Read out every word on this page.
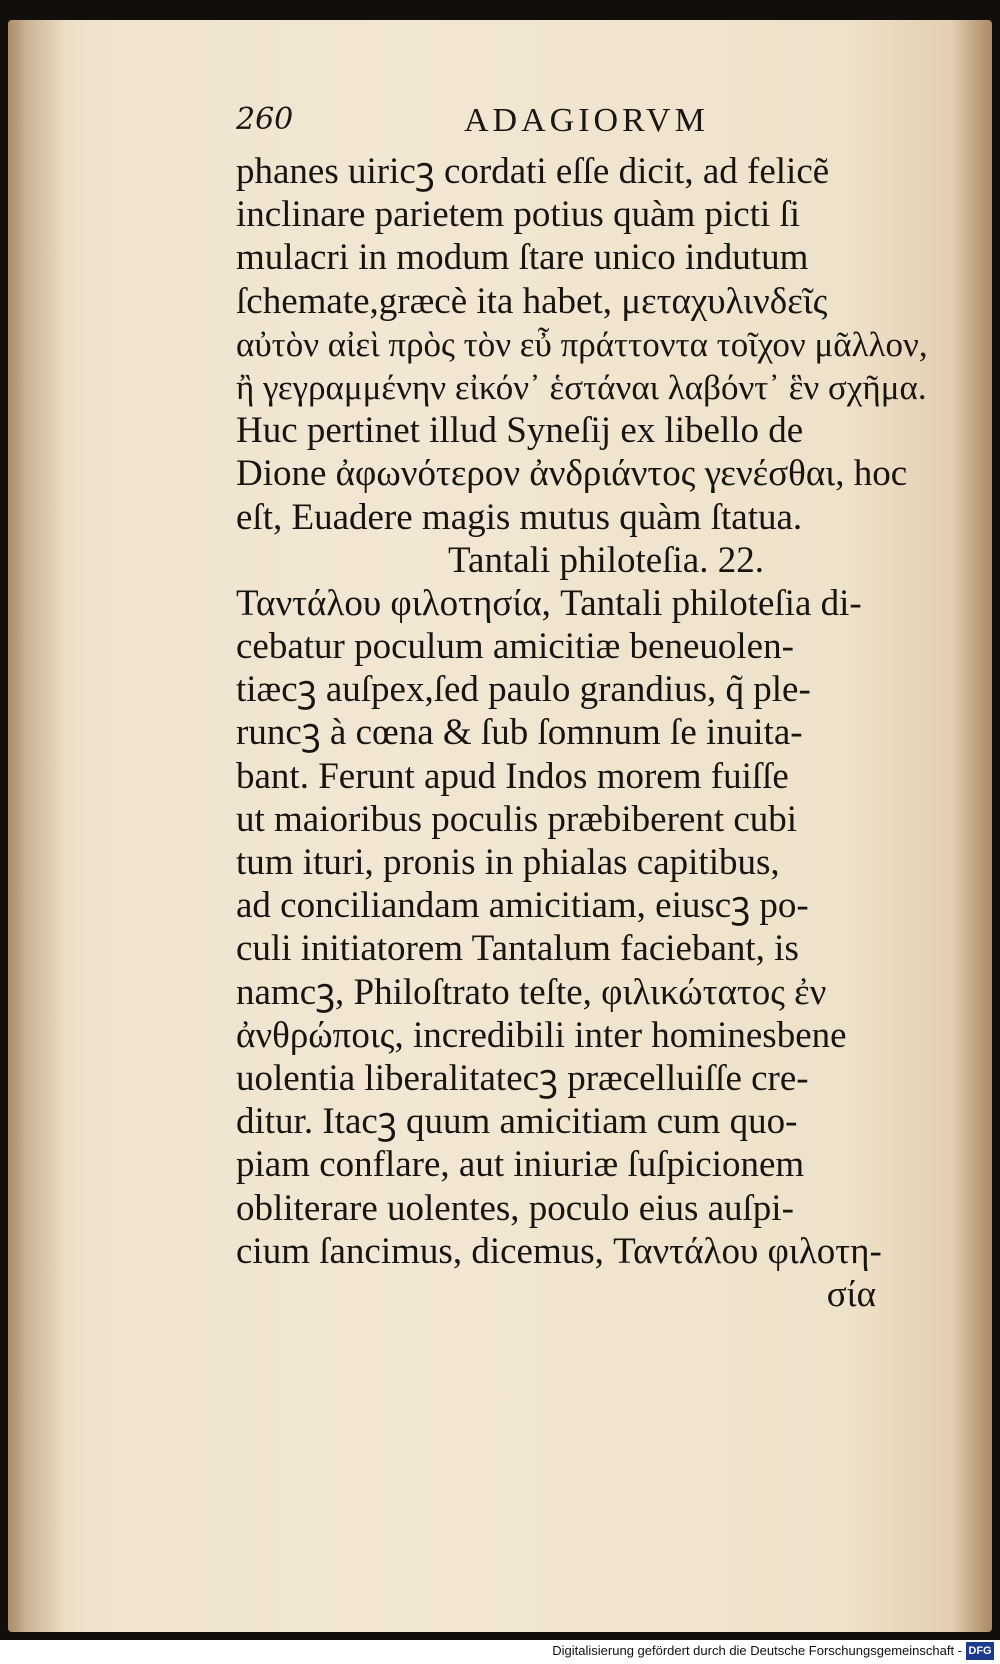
260	ADAGIORVM
phanes uiricꝫ cordati eſſe dicit, ad felicẽ
inclinare parietem potius quàm picti ſi
mulacri in modum ſtare unico indutum
ſchemate,græcè ita habet, μεταχυλινδεῖς
αὐτὸν αἰεὶ πρὸς τὸν εὖ πράττοντα τοῖχον μᾶλλον,
ἢ γεγραμμένην εἰκόν᾽ ἑστάναι λαβόντ᾽ ἓν σχῆμα.
Huc pertinet illud Syneſij ex libello de
Dione ἀφωνότερον ἀνδριάντος γενέσθαι, hoc
eſt, Euadere magis mutus quàm ſtatua.
Tantali philoteſia. 22.
Ταντάλου φιλοτησία, Tantali philoteſia di-
cebatur poculum amicitiæ beneuolen-
tiæcꝫ auſpex,ſed paulo grandius, q̃ ple-
runcꝫ à cœna & ſub ſomnum ſe inuita-
bant. Ferunt apud Indos morem fuiſſe
ut maioribus poculis præbiberent cubi
tum ituri, pronis in phialas capitibus,
ad conciliandam amicitiam, eiuscꝫ po-
culi initiatorem Tantalum faciebant, is
namcꝫ, Philoſtrato teſte, φιλικώτατος ἐν
ἀνθρώποις, incredibili inter hominesbene
uolentia liberalitatecꝫ præcelluiſſe cre-
ditur. Itacꝫ quum amicitiam cum quo-
piam conflare, aut iniuriæ ſuſpicionem
obliterare uolentes, poculo eius auſpi-
cium ſancimus, dicemus, Ταντάλου φιλοτη-
σία
Digitalisierung gefördert durch die Deutsche Forschungsgemeinschaft - DFG
